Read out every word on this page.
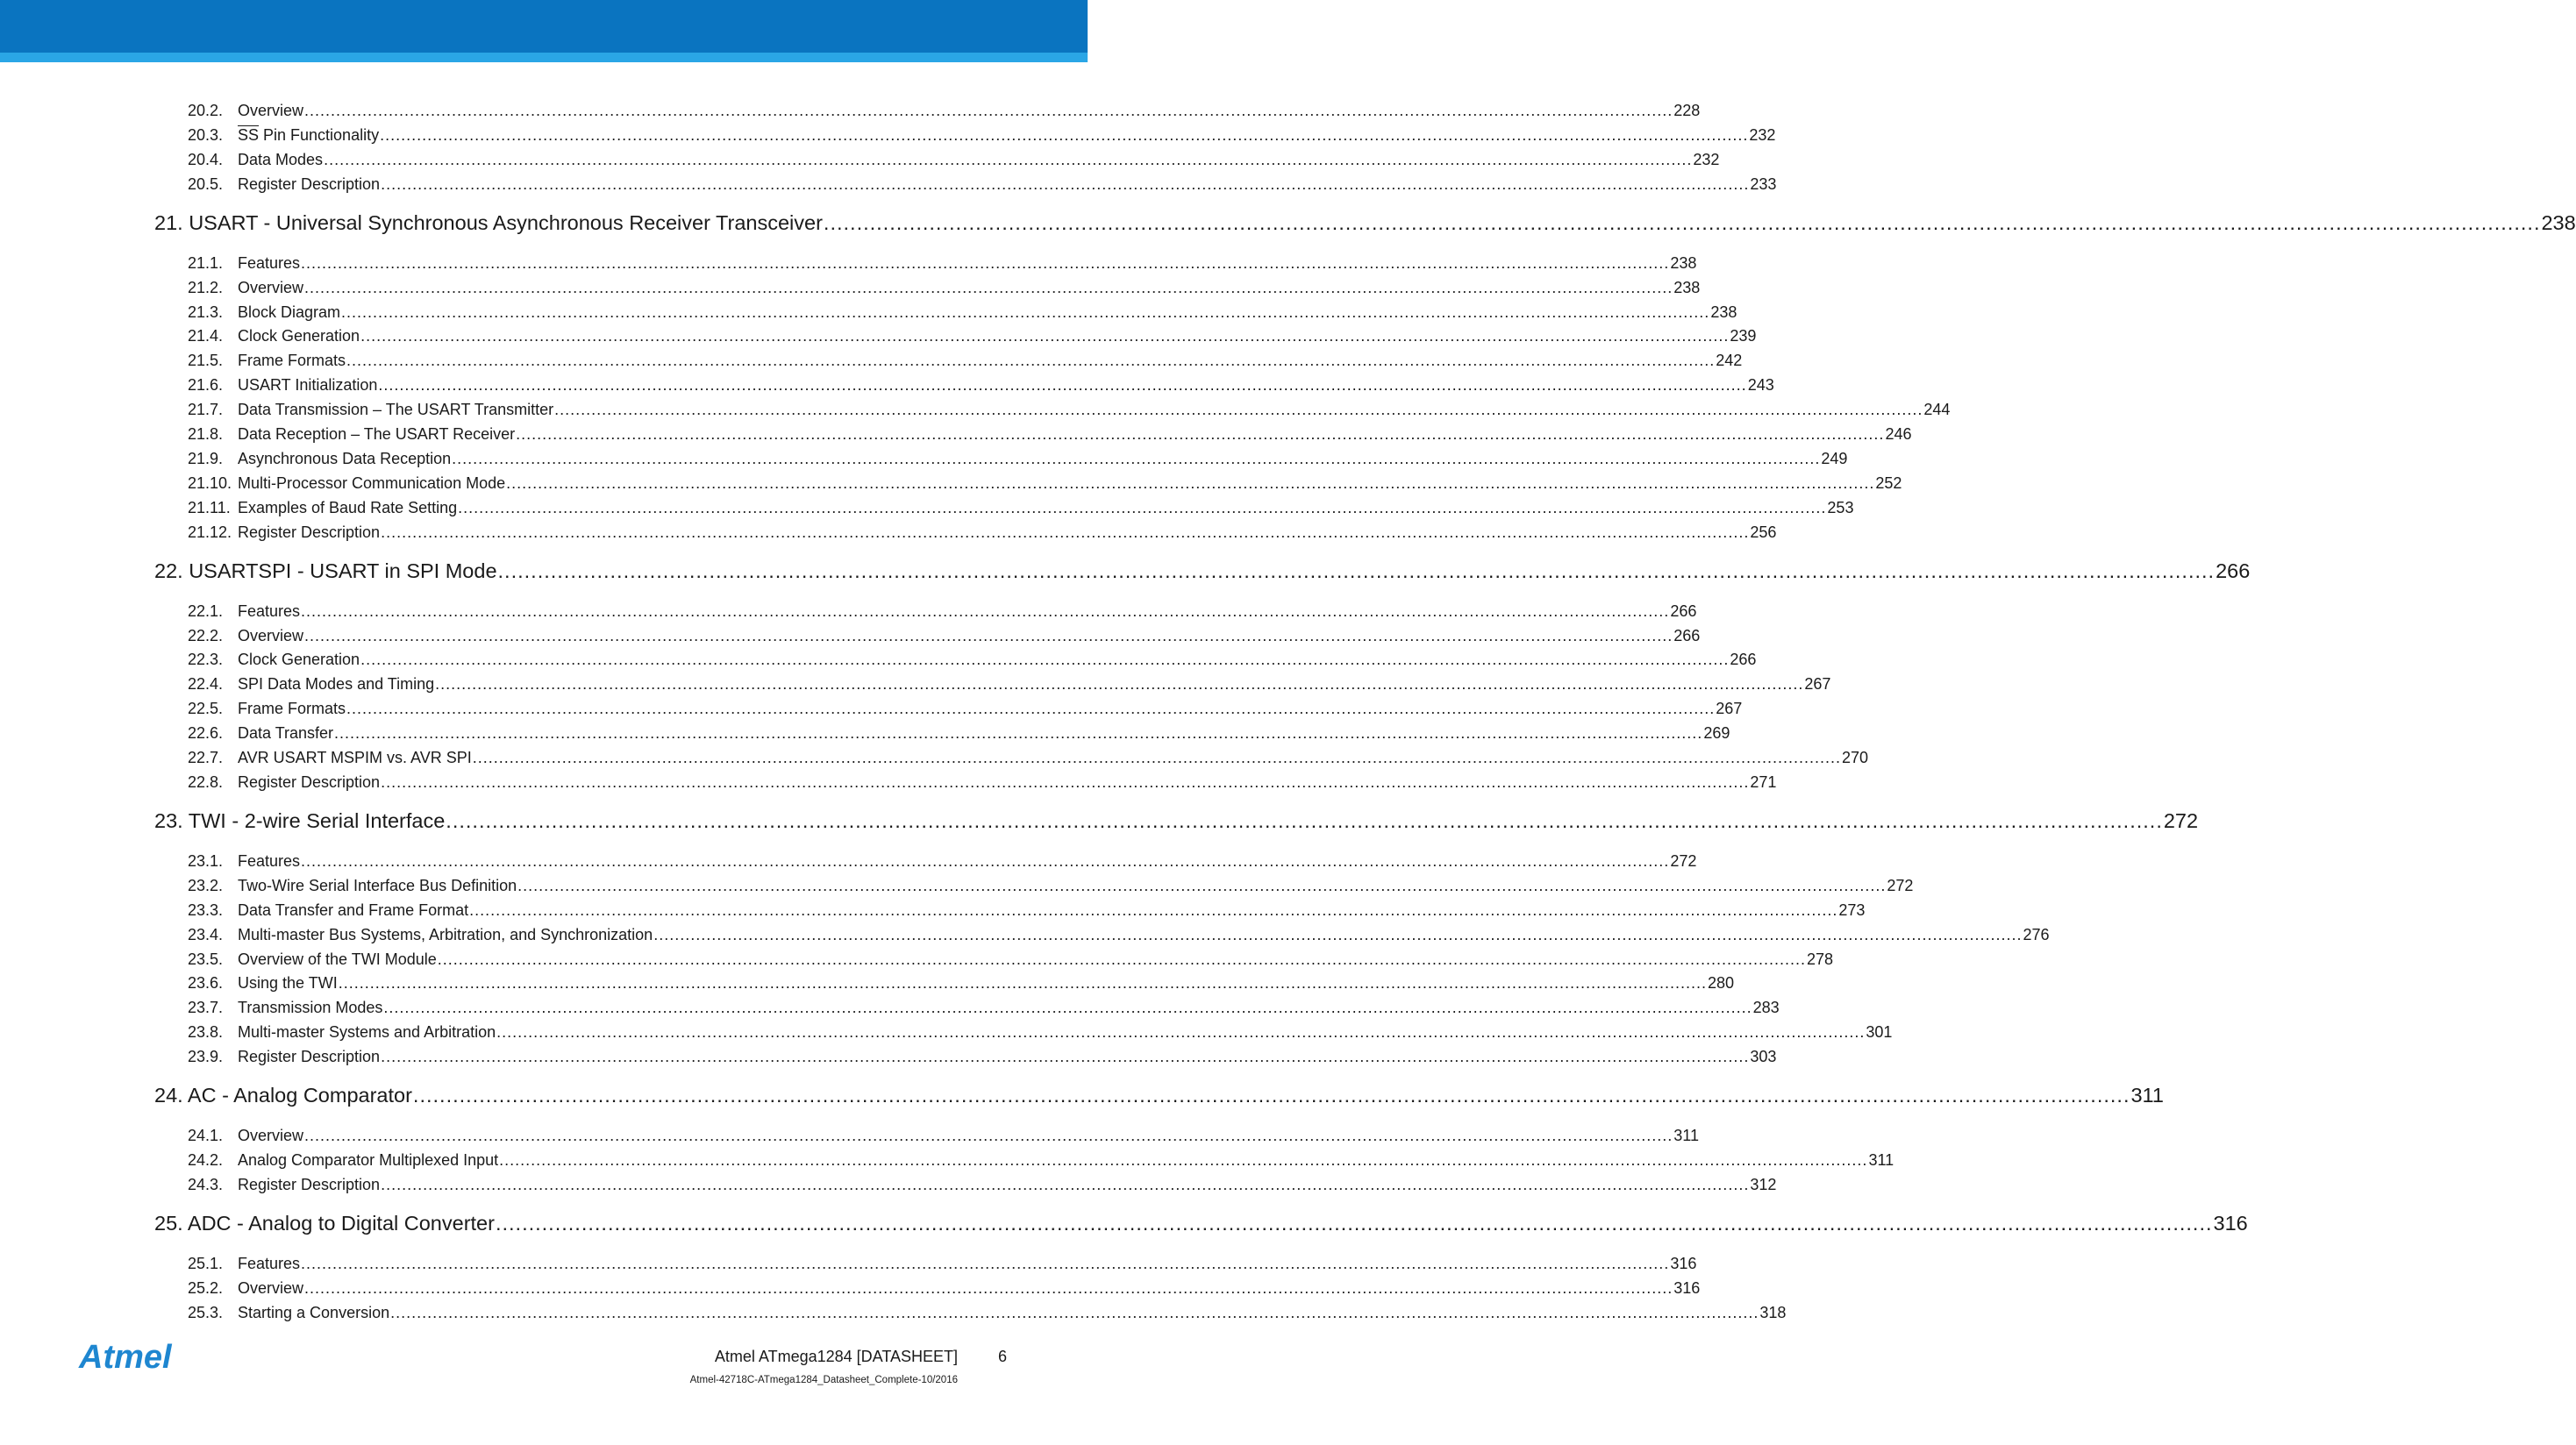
20.2. Overview .................................................................................................................................................................................................................................................................... 228
20.3. $\overline{SS}$ Pin Functionality .................................................................................................................................................................................................................................................................... 232
20.4. Data Modes .................................................................................................................................................................................................................................................................... 232
20.5. Register Description .................................................................................................................................................................................................................................................................... 233
21. USART - Universal Synchronous Asynchronous Receiver Transceiver .................................................................................................................................................................................................................................................................... 238
21.1. Features .................................................................................................................................................................................................................................................................... 238
21.2. Overview .................................................................................................................................................................................................................................................................... 238
21.3. Block Diagram .................................................................................................................................................................................................................................................................... 238
21.4. Clock Generation .................................................................................................................................................................................................................................................................... 239
21.5. Frame Formats .................................................................................................................................................................................................................................................................... 242
21.6. USART Initialization .................................................................................................................................................................................................................................................................... 243
21.7. Data Transmission – The USART Transmitter .................................................................................................................................................................................................................................................................... 244
21.8. Data Reception – The USART Receiver .................................................................................................................................................................................................................................................................... 246
21.9. Asynchronous Data Reception .................................................................................................................................................................................................................................................................... 249
21.10. Multi-Processor Communication Mode .................................................................................................................................................................................................................................................................... 252
21.11. Examples of Baud Rate Setting .................................................................................................................................................................................................................................................................... 253
21.12. Register Description .................................................................................................................................................................................................................................................................... 256
22. USARTSPI - USART in SPI Mode .................................................................................................................................................................................................................................................................... 266
22.1. Features .................................................................................................................................................................................................................................................................... 266
22.2. Overview .................................................................................................................................................................................................................................................................... 266
22.3. Clock Generation .................................................................................................................................................................................................................................................................... 266
22.4. SPI Data Modes and Timing .................................................................................................................................................................................................................................................................... 267
22.5. Frame Formats .................................................................................................................................................................................................................................................................... 267
22.6. Data Transfer .................................................................................................................................................................................................................................................................... 269
22.7. AVR USART MSPIM vs. AVR SPI .................................................................................................................................................................................................................................................................... 270
22.8. Register Description .................................................................................................................................................................................................................................................................... 271
23. TWI - 2-wire Serial Interface .................................................................................................................................................................................................................................................................... 272
23.1. Features .................................................................................................................................................................................................................................................................... 272
23.2. Two-Wire Serial Interface Bus Definition .................................................................................................................................................................................................................................................................... 272
23.3. Data Transfer and Frame Format .................................................................................................................................................................................................................................................................... 273
23.4. Multi-master Bus Systems, Arbitration, and Synchronization .................................................................................................................................................................................................................................................................... 276
23.5. Overview of the TWI Module .................................................................................................................................................................................................................................................................... 278
23.6. Using the TWI .................................................................................................................................................................................................................................................................... 280
23.7. Transmission Modes .................................................................................................................................................................................................................................................................... 283
23.8. Multi-master Systems and Arbitration .................................................................................................................................................................................................................................................................... 301
23.9. Register Description .................................................................................................................................................................................................................................................................... 303
24. AC - Analog Comparator .................................................................................................................................................................................................................................................................... 311
24.1. Overview .................................................................................................................................................................................................................................................................... 311
24.2. Analog Comparator Multiplexed Input .................................................................................................................................................................................................................................................................... 311
24.3. Register Description .................................................................................................................................................................................................................................................................... 312
25. ADC - Analog to Digital Converter .................................................................................................................................................................................................................................................................... 316
25.1. Features .................................................................................................................................................................................................................................................................... 316
25.2. Overview .................................................................................................................................................................................................................................................................... 316
25.3. Starting a Conversion .................................................................................................................................................................................................................................................................... 318
Atmel	Atmel ATmega1284 [DATASHEET]	6
Atmel-42718C-ATmega1284_Datasheet_Complete-10/2016
